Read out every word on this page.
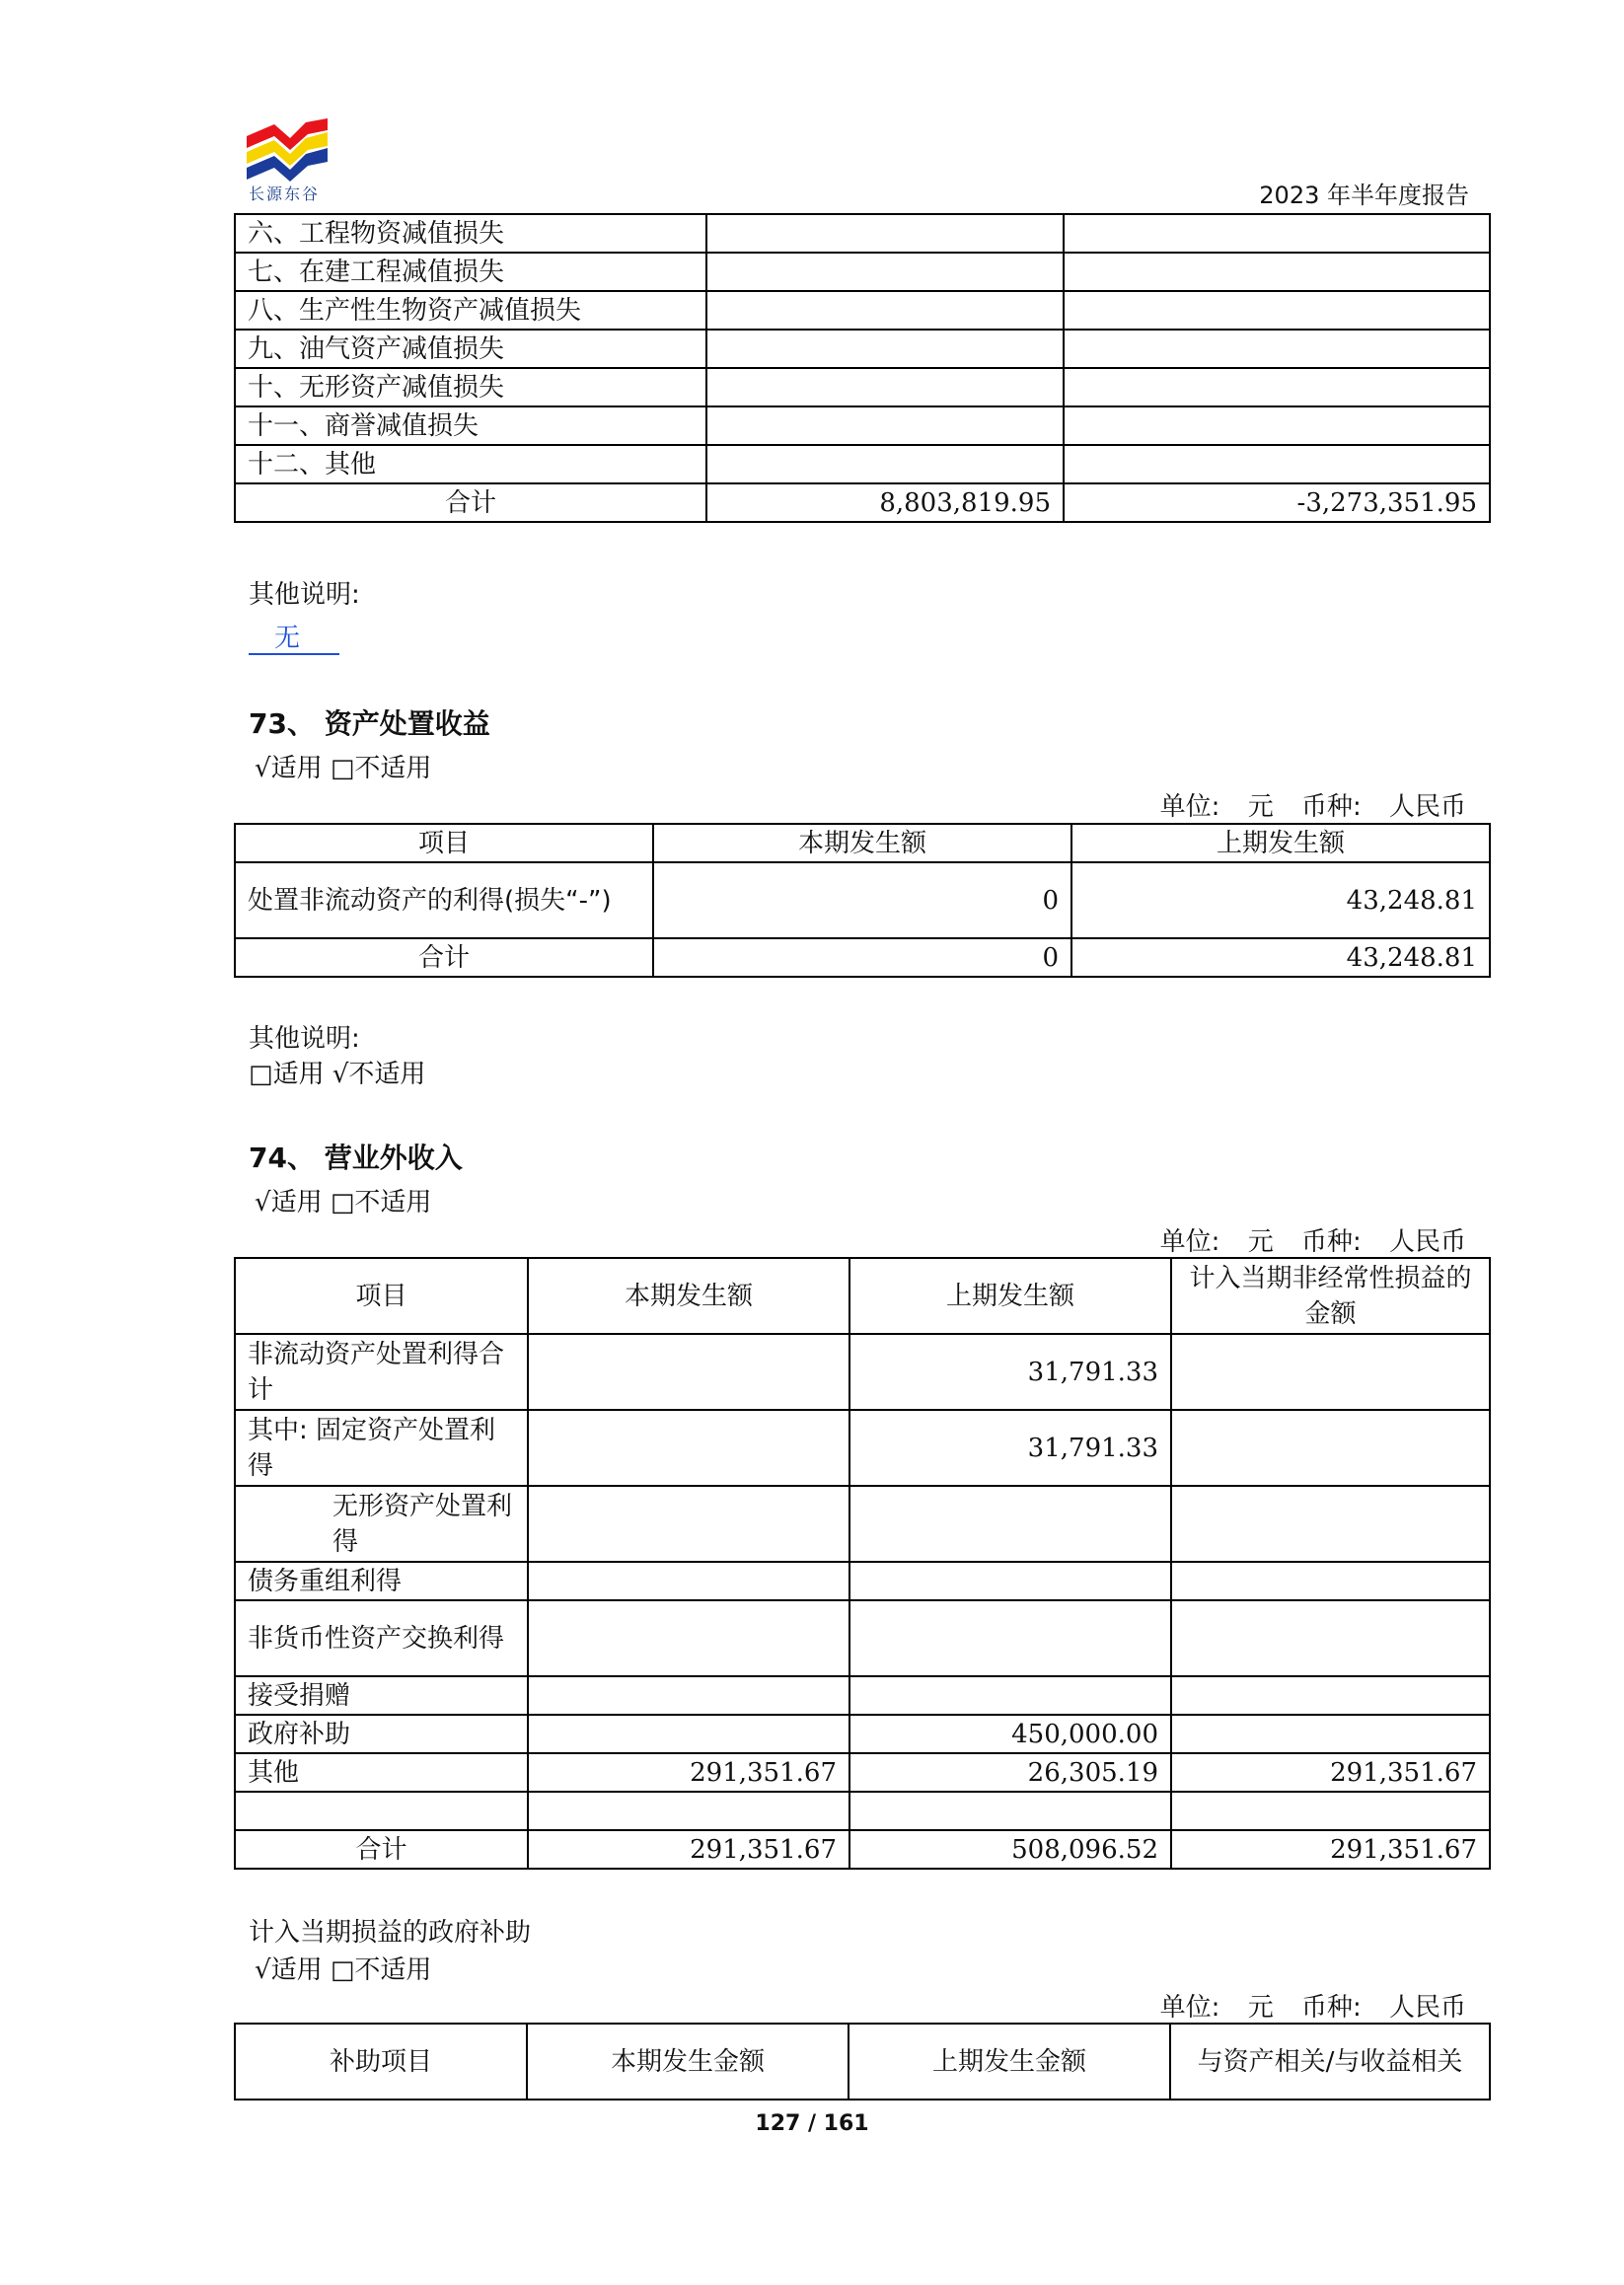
长源东谷	2023 年半年度报告
六、工程物资减值损失		
七、在建工程减值损失		
八、生产性生物资产减值损失		
九、油气资产减值损失		
十、无形资产减值损失		
十一、商誉减值损失		
十二、其他		
合计	8,803,819.95	-3,273,351.95
其他说明:
无
73、 资产处置收益
√适用 □不适用
单位: 元 币种: 人民币
项目	本期发生额	上期发生额
处置非流动资产的利得(损失“-”)	0	43,248.81
合计	0	43,248.81
其他说明:
□适用 √不适用
74、 营业外收入
√适用 □不适用
单位: 元 币种: 人民币
项目	本期发生额	上期发生额	计入当期非经常性损益的金额
非流动资产处置利得合计		31,791.33	
其中: 固定资产处置利得		31,791.33	
无形资产处置利得			
债务重组利得			
非货币性资产交换利得			
接受捐赠			
政府补助		450,000.00	
其他	291,351.67	26,305.19	291,351.67

合计	291,351.67	508,096.52	291,351.67
计入当期损益的政府补助
√适用 □不适用
单位: 元 币种: 人民币
补助项目	本期发生金额	上期发生金额	与资产相关/与收益相关
127 / 161
